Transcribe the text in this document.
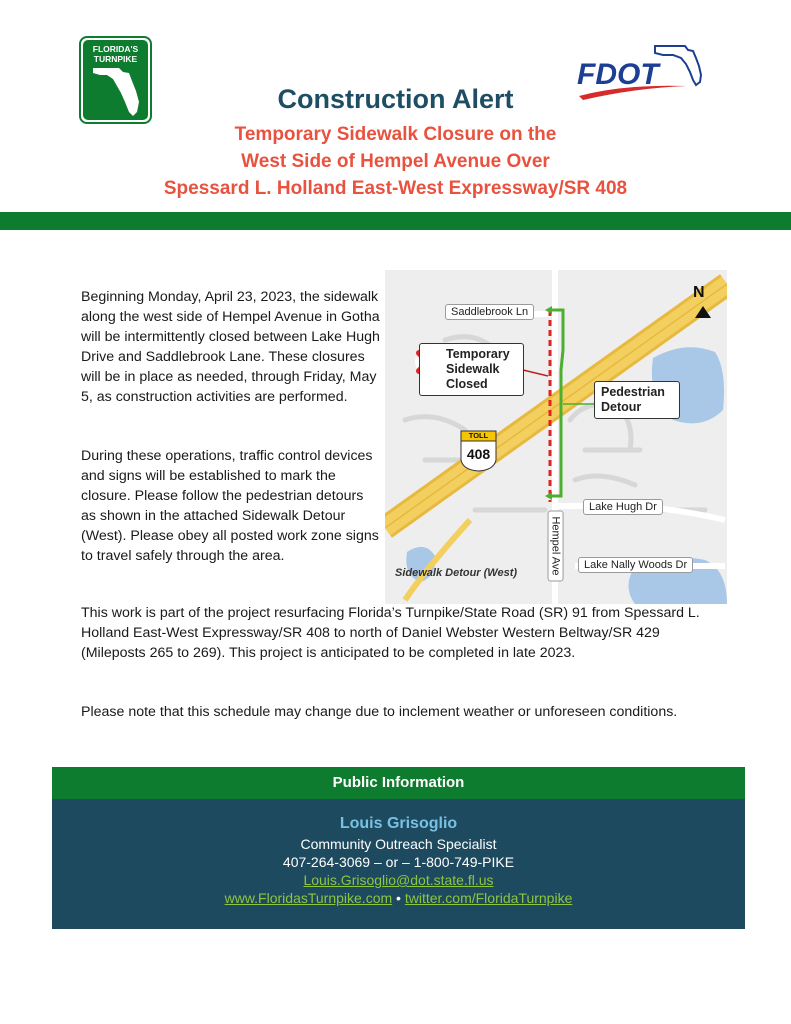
FLORIDA'S
TURNPIKE	FDOT
Construction Alert
Temporary Sidewalk Closure on the
West Side of Hempel Avenue Over
Spessard L. Holland East-West Expressway/SR 408

Beginning Monday, April 23, 2023, the sidewalk along the west side of Hempel Avenue in Gotha will be intermittently closed between Lake Hugh Drive and Saddlebrook Lane. These closures will be in place as needed, through Friday, May 5, as construction activities are performed.

During these operations, traffic control devices and signs will be established to mark the closure. Please follow the pedestrian detours as shown in the attached Sidewalk Detour (West). Please obey all posted work zone signs to travel safely through the area.

This work is part of the project resurfacing Florida’s Turnpike/State Road (SR) 91 from Spessard L. Holland East-West Expressway/SR 408 to north of Daniel Webster Western Beltway/SR 429 (Mileposts 265 to 269). This project is anticipated to be completed in late 2023.

Please note that this schedule may change due to inclement weather or unforeseen conditions.

N
Saddlebrook Ln
Temporary Sidewalk Closed
Pedestrian Detour
TOLL
408
Lake Hugh Dr
Hempel Ave	Lake Nally Woods Dr
Sidewalk Detour (West)
Public Information
Louis Grisoglio
Community Outreach Specialist
407-264-3069 – or – 1-800-749-PIKE
Louis.Grisoglio@dot.state.fl.us
www.FloridasTurnpike.com • twitter.com/FloridaTurnpike
